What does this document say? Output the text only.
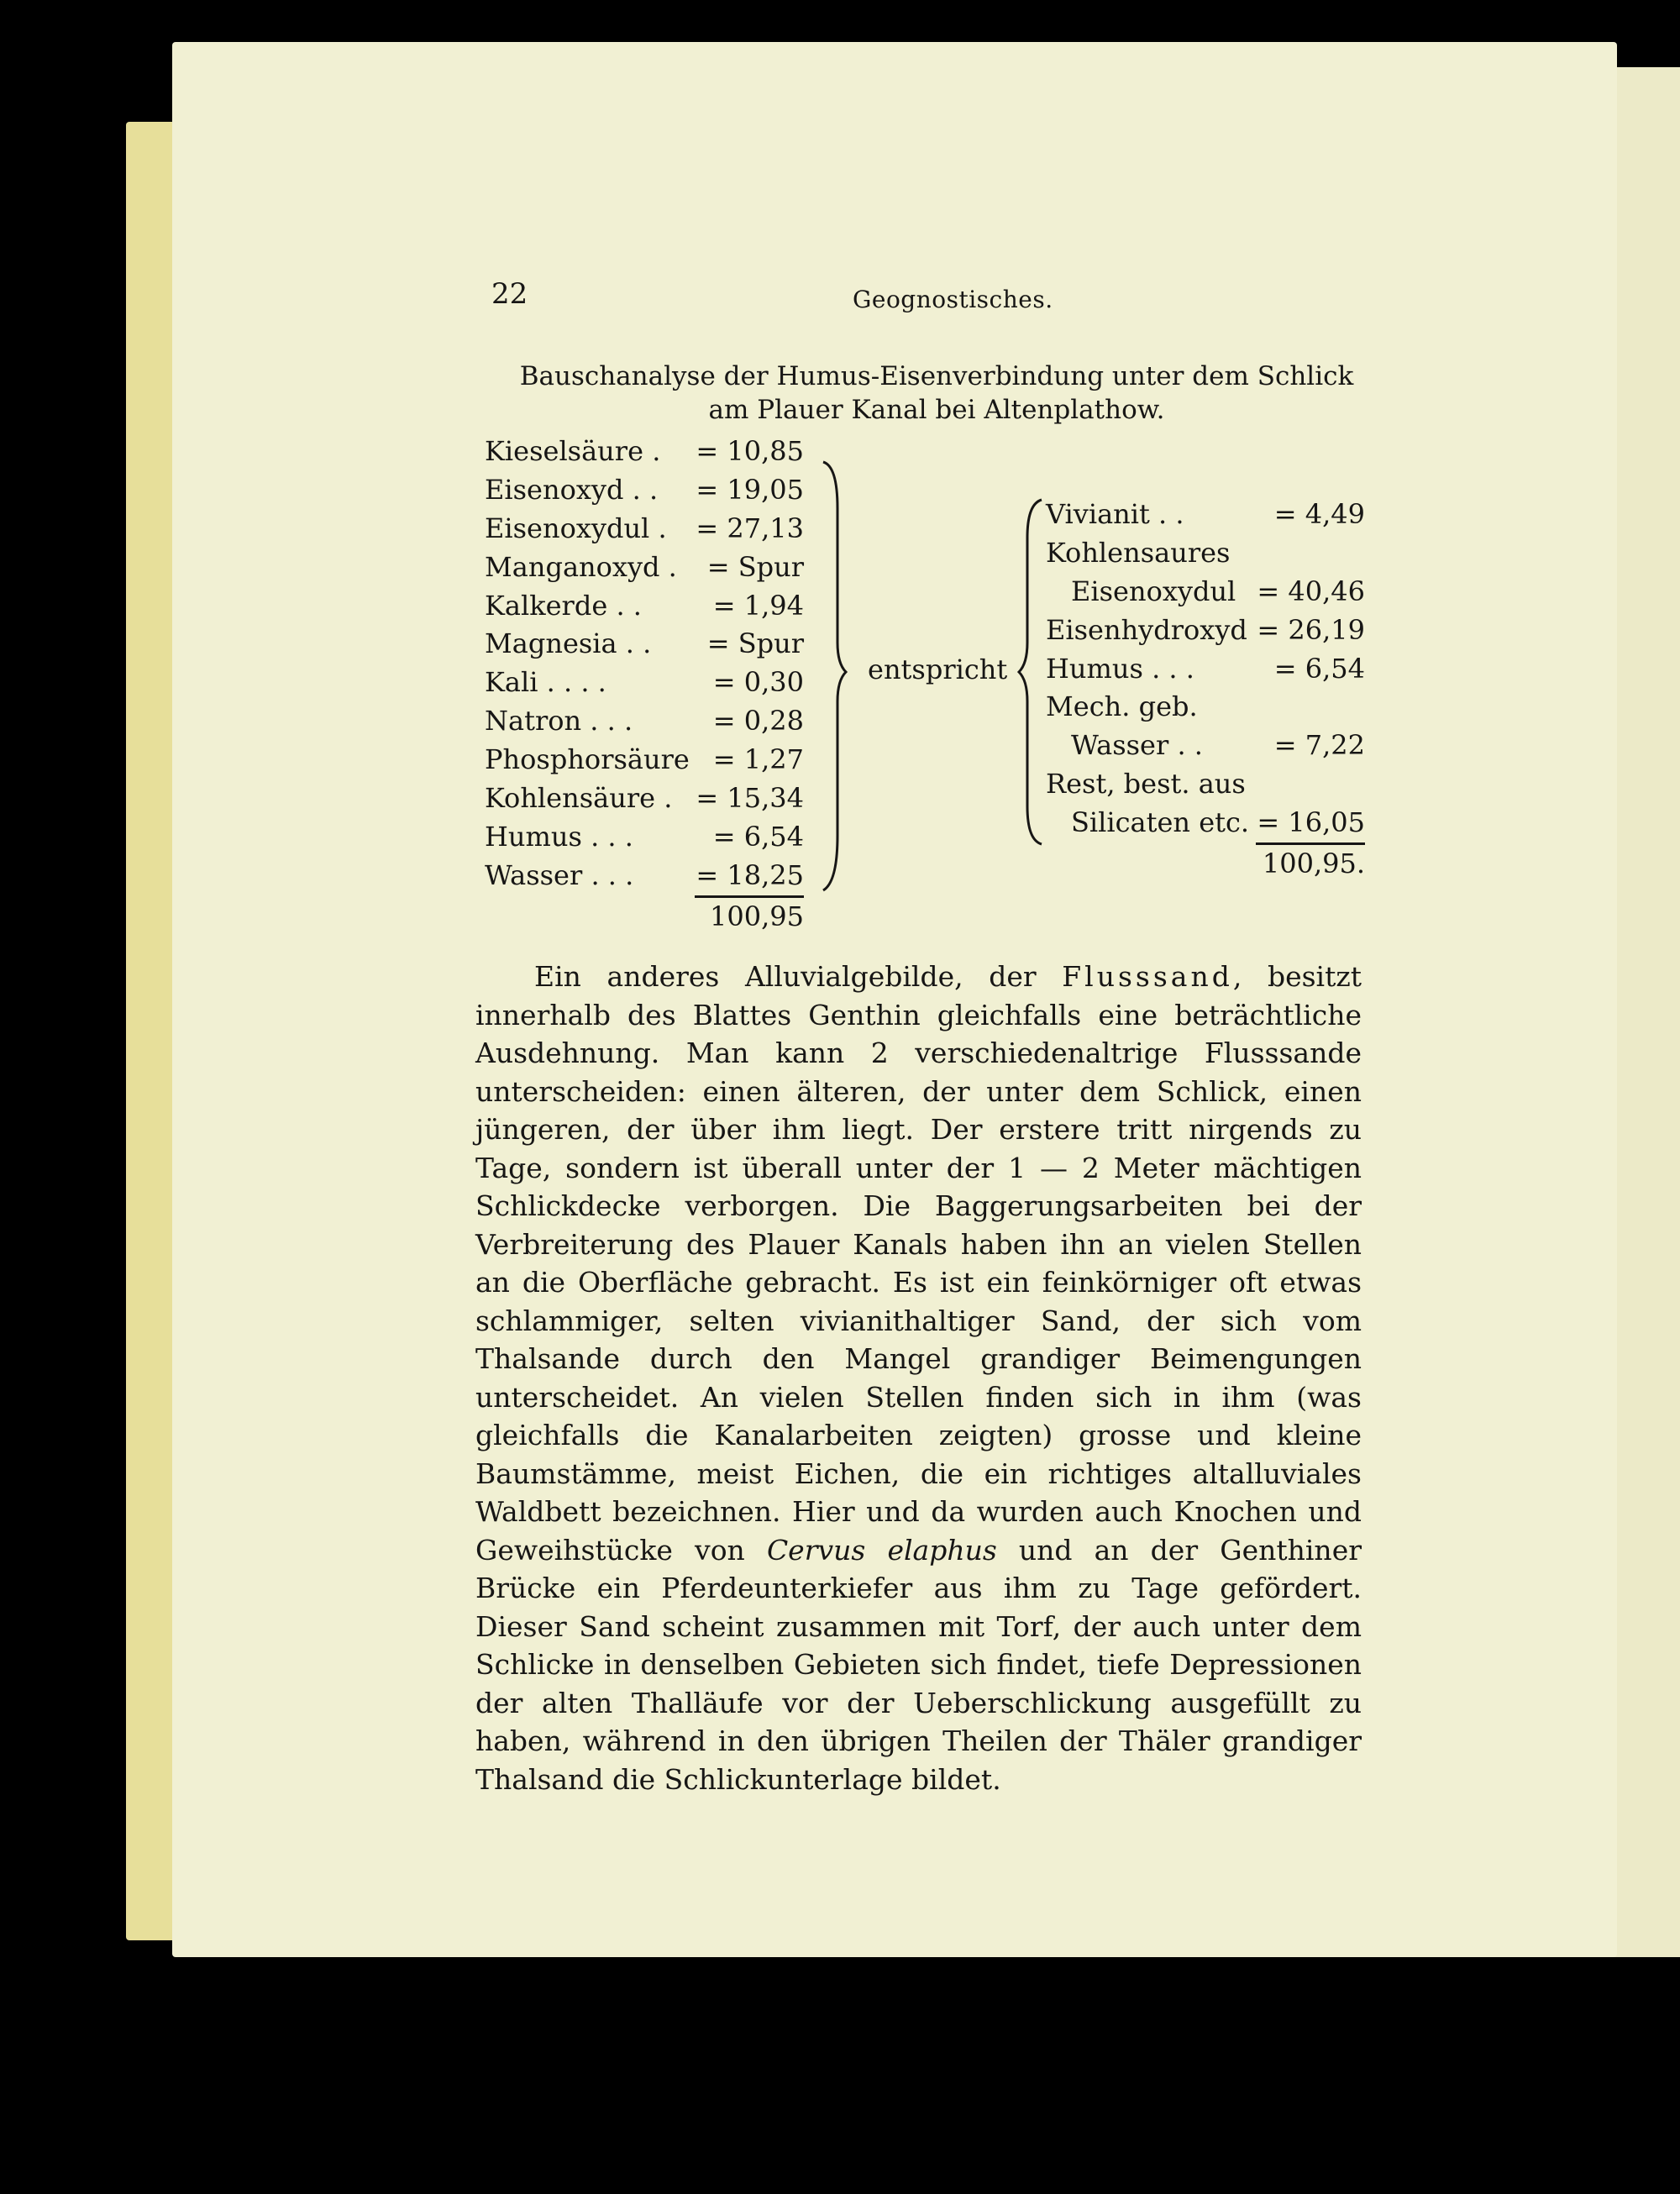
22	Geognostisches.
Bauschanalyse der Humus-Eisenverbindung unter dem Schlick
am Plauer Kanal bei Altenplathow.
Kieselsäure . = 10,85
Eisenoxyd . . = 19,05
Eisenoxydul . = 27,13
Manganoxyd . = Spur
Kalkerde . .	= 1,94
Magnesia . . = Spur
Kali . . . .	= 0,30
Natron . . .	= 0,28
Phosphorsäure = 1,27
Kohlensäure . = 15,34
Humus . . .	= 6,54
Wasser . . . = 18,25
100,95
entspricht
Vivianit . .	= 4,49
Kohlensaures
Eisenoxydul = 40,46
Eisenhydroxyd = 26,19
Humus . . .	= 6,54
Mech. geb.
Wasser . .	= 7,22
Rest, best. aus
Silicaten etc. = 16,05
100,95.
Ein anderes Alluvialgebilde, der Flusssand, besitzt innerhalb des Blattes Genthin gleichfalls eine beträchtliche Ausdehnung. Man kann 2 verschiedenaltrige Flusssande unterscheiden: einen älteren, der unter dem Schlick, einen jüngeren, der über ihm liegt. Der erstere tritt nirgends zu Tage, sondern ist überall unter der 1 — 2 Meter mächtigen Schlickdecke verborgen. Die Baggerungsarbeiten bei der Verbreiterung des Plauer Kanals haben ihn an vielen Stellen an die Oberfläche gebracht. Es ist ein feinkörniger oft etwas schlammiger, selten vivianithaltiger Sand, der sich vom Thalsande durch den Mangel grandiger Beimengungen unterscheidet. An vielen Stellen finden sich in ihm (was gleichfalls die Kanalarbeiten zeigten) grosse und kleine Baumstämme, meist Eichen, die ein richtiges altalluviales Waldbett bezeichnen. Hier und da wurden auch Knochen und Geweihstücke von Cervus elaphus und an der Genthiner Brücke ein Pferdeunterkiefer aus ihm zu Tage gefördert. Dieser Sand scheint zusammen mit Torf, der auch unter dem Schlicke in denselben Gebieten sich findet, tiefe Depressionen der alten Thalläufe vor der Ueberschlickung ausgefüllt zu haben, während in den übrigen Theilen der Thäler grandiger Thalsand die Schlickunterlage bildet.
